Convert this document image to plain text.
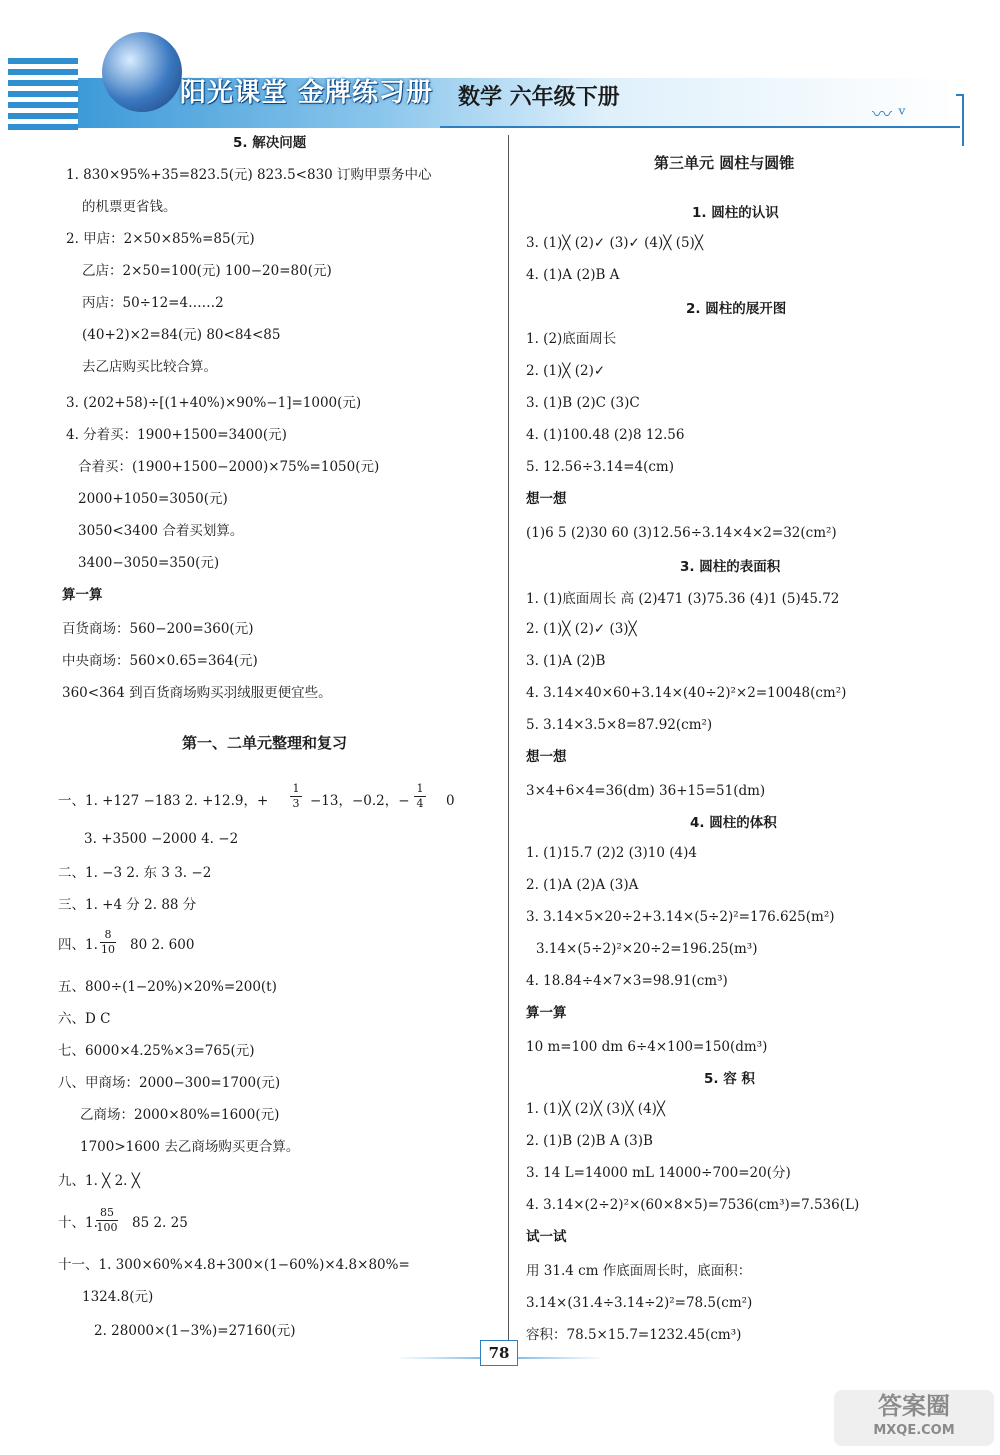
阳光课堂 金牌练习册 数学 六年级下册
〰 ᵛ
5. 解决问题
1. 830×95%+35=823.5(元) 823.5<830 订购甲票务中心
的机票更省钱。
2. 甲店：2×50×85%=85(元)
乙店：2×50=100(元) 100−20=80(元)
丙店：50÷12=4……2
(40+2)×2=84(元) 80<84<85
去乙店购买比较合算。
3. (202+58)÷[(1+40%)×90%−1]=1000(元)
4. 分着买：1900+1500=3400(元)
合着买：(1900+1500−2000)×75%=1050(元)
2000+1050=3050(元)
3050<3400 合着买划算。
3400−3050=350(元)
算一算
百货商场：560−200=360(元)
中央商场：560×0.65=364(元)
360<364 到百货商场购买羽绒服更便宜些。
第一、二单元整理和复习
一、1. +127 −183 2. +12.9，+ $\frac{1}{3} -13$，−0.2，− $\frac{1}{4} 0$
3. +3500 −2000 4. −2
二、1. −3 2. 东 3 3. −2
三、1. +4 分 2. 88 分
四、1. $\frac{8}{10} 80$ 2. 600
五、800÷(1−20%)×20%=200(t)
六、D C
七、6000×4.25%×3=765(元)
八、甲商场：2000−300=1700(元)
乙商场：2000×80%=1600(元)
1700>1600 去乙商场购买更合算。
九、1. ╳ 2. ╳
十、1.
$\frac{85}{100} 85$ 2. 25
十一、1. 300×60%×4.8+300×(1−60%)×4.8×80%=
1324.8(元)
2. 28000×(1−3%)=27160(元)
第三单元 圆柱与圆锥
1. 圆柱的认识
3. (1)╳ (2)✓ (3)✓ (4)╳ (5)╳
4. (1)A (2)B A
2. 圆柱的展开图
1. (2)底面周长
2. (1)╳ (2)✓
3. (1)B (2)C (3)C
4. (1)100.48 (2)8 12.56
5. 12.56÷3.14=4(cm)
想一想
(1)6 5 (2)30 60 (3)12.56÷3.14×4×2=32(cm²)
3. 圆柱的表面积
1. (1)底面周长 高 (2)471 (3)75.36 (4)1 (5)45.72
2. (1)╳ (2)✓ (3)╳
3. (1)A (2)B
4. 3.14×40×60+3.14×(40÷2)²×2=10048(cm²)
5. 3.14×3.5×8=87.92(cm²)
想一想
3×4+6×4=36(dm) 36+15=51(dm)
4. 圆柱的体积
1. (1)15.7 (2)2 (3)10 (4)4
2. (1)A (2)A (3)A
3. 3.14×5×20÷2+3.14×(5÷2)²=176.625(m²)
3.14×(5÷2)²×20÷2=196.25(m³)
4. 18.84÷4×7×3=98.91(cm³)
算一算
10 m=100 dm 6÷4×100=150(dm³)
5. 容 积
1. (1)╳ (2)╳ (3)╳ (4)╳
2. (1)B (2)B A (3)B
3. 14 L=14000 mL 14000÷700=20(分)
4. 3.14×(2÷2)²×(60×8×5)=7536(cm³)=7.536(L)
试一试
用 31.4 cm 作底面周长时，底面积：
3.14×(31.4÷3.14÷2)²=78.5(cm²)
容积：78.5×15.7=1232.45(cm³)
78
答案圈
MXQE.COM
